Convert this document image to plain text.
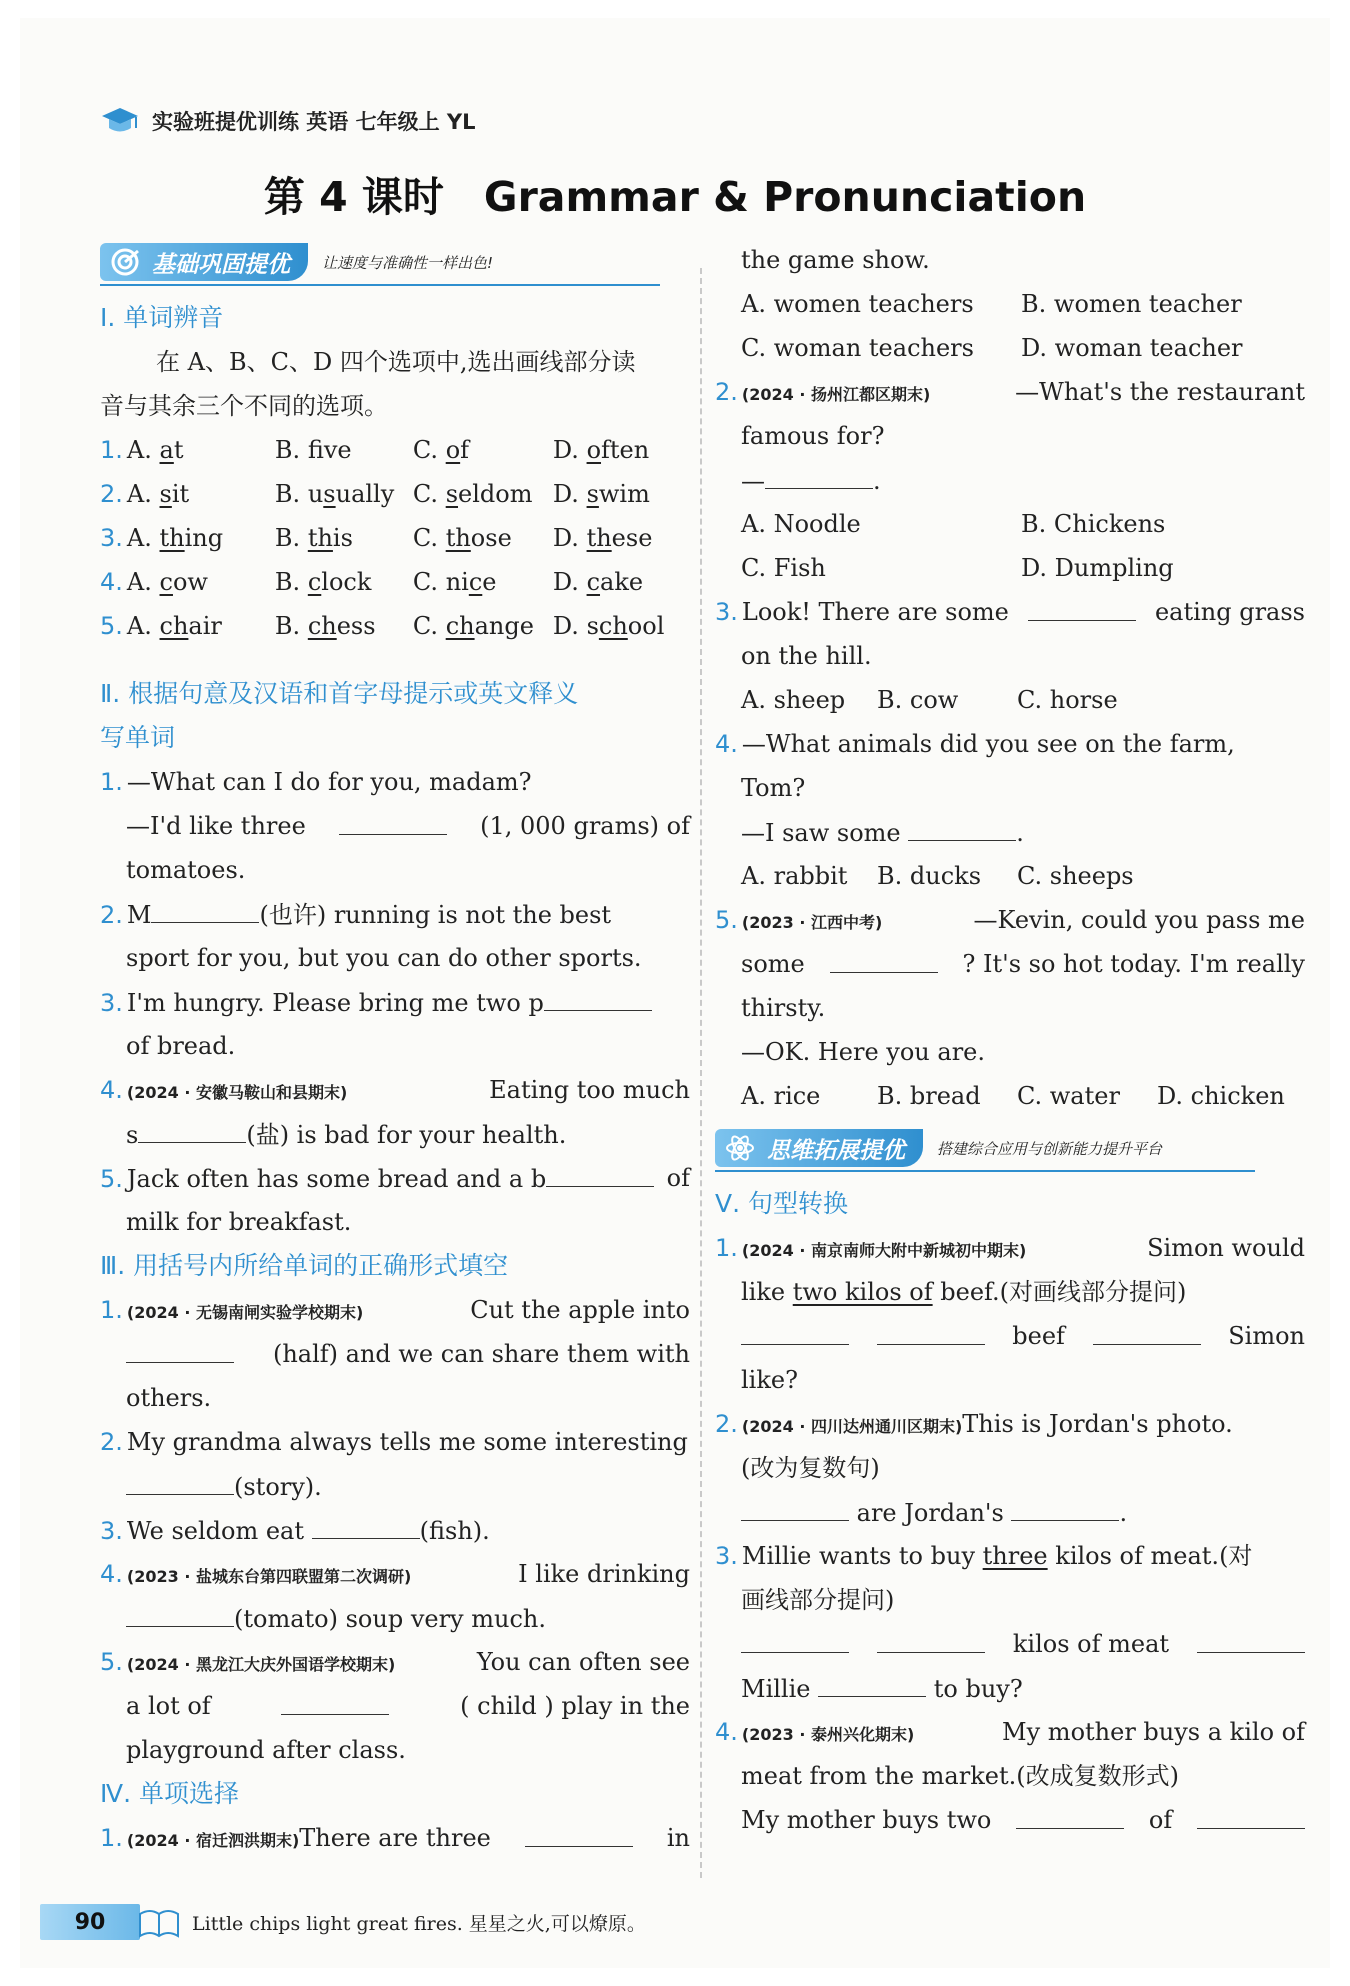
实验班提优训练 英语 七年级上 YL
第 4 课时 Grammar & Pronunciation
基础巩固提优 让速度与准确性一样出色!
Ⅰ. 单词辨音
在 A、B、C、D 四个选项中,选出画线部分读
音与其余三个不同的选项。
1. A. at	B. fve	C. of	D. often
2. A. sit	B. usually C. seldom D. swim
3. A. thing B. this C. those D. these
4. A. cow	B. clock C. nice D. cake
5. A. chair B. chess C. change D. school
Ⅱ. 根据句意及汉语和首字母提示或英文释义
写单词
1. —What can I do for you, madam?
—I'd like three	(1, 000 grams) of
tomatoes.
2. M	(也许) running is not the best
sport for you, but you can do other sports.
3. I'm hungry. Please bring me two p
of bread.
4. (2024 · 安徽马鞍山和县期末)	Eating too much
s	(盐) is bad for your health.
5. Jack often has some bread and a b	of
milk for breakfast.
Ⅲ. 用括号内所给单词的正确形式填空
1. (2024 · 无锡南闸实验学校期末)	Cut the apple into
(half) and we can share them with
others.
2. My grandma always tells me some interesting
(story).
3. We seldom eat	(fish).
4. (2023 · 盐城东台第四联盟第二次调研)	I like drinking
(tomato) soup very much.
5. (2024 · 黑龙江大庆外国语学校期末)	You can often see
a lot of	( child ) play in the
playground after class.
Ⅳ. 单项选择
1. (2024 · 宿迁泗洪期末)There are three	in
the game show.
A. women teachers B. women teacher
C. woman teachers D. woman teacher
2. (2024 · 扬州江都区期末)	—What's the restaurant
famous for?
—	.
A. Noodle	B. Chickens
C. Fish	D. Dumpling
3. Look! There are some	eating grass
on the hill.
A. sheep B. cow C. horse
4. —What animals did you see on the farm,
Tom?
—I saw some	.
A. rabbit B. ducks C. sheeps
5. (2023 · 江西中考)	—Kevin, could you pass me
some	? It's so hot today. I'm really
thirsty.
—OK. Here you are.
A. rice B. bread C. water D. chicken
思维拓展提优 搭建综合应用与创新能力提升平台
Ⅴ. 句型转换
1. (2024 · 南京南师大附中新城初中期末)	Simon would
like two kilos of beef.(对画线部分提问)
beef	Simon
like?
2. (2024 · 四川达州通川区期末)This is Jordan's photo.
(改为复数句)
are Jordan's	.
3. Millie wants to buy three kilos of meat.(对
画线部分提问)
kilos of meat
Millie	to buy?
4. (2023 · 泰州兴化期末)	My mother buys a kilo of
meat from the market.(改成复数形式)
My mother buys two	of
90	Little chips light great fires. 星星之火,可以燎原。
